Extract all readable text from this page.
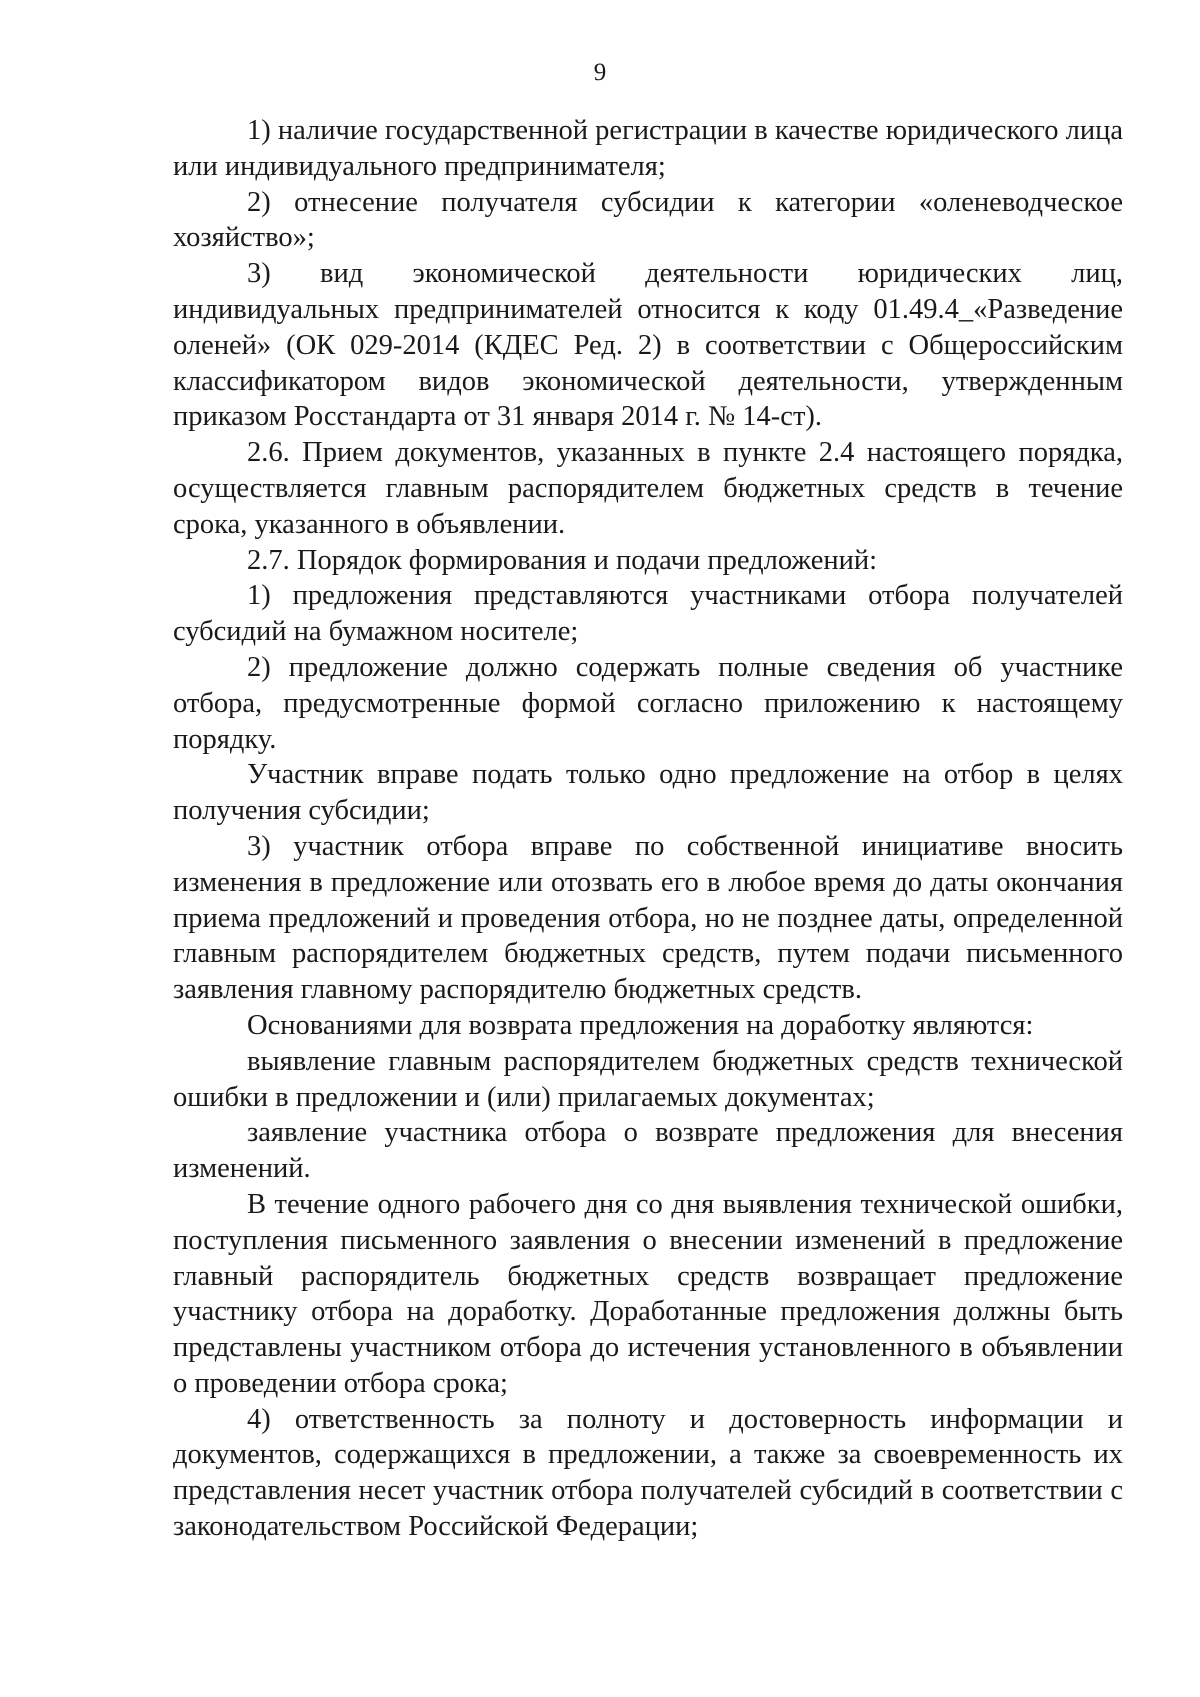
9

1) наличие государственной регистрации в качестве юридического лица или индивидуального предпринимателя;

2) отнесение получателя субсидии к категории «оленеводческое хозяйство»;

3) вид экономической деятельности юридических лиц, индивидуальных предпринимателей относится к коду 01.49.4_«Разведение оленей» (ОК 029-2014 (КДЕС Ред. 2) в соответствии с Общероссийским классификатором видов экономической деятельности, утвержденным приказом Росстандарта от 31 января 2014 г. № 14-ст).

2.6. Прием документов, указанных в пункте 2.4 настоящего порядка, осуществляется главным распорядителем бюджетных средств в течение срока, указанного в объявлении.

2.7. Порядок формирования и подачи предложений:

1) предложения представляются участниками отбора получателей субсидий на бумажном носителе;

2) предложение должно содержать полные сведения об участнике отбора, предусмотренные формой согласно приложению к настоящему порядку.

Участник вправе подать только одно предложение на отбор в целях получения субсидии;

3) участник отбора вправе по собственной инициативе вносить изменения в предложение или отозвать его в любое время до даты окончания приема предложений и проведения отбора, но не позднее даты, определенной главным распорядителем бюджетных средств, путем подачи письменного заявления главному распорядителю бюджетных средств.

Основаниями для возврата предложения на доработку являются:

выявление главным распорядителем бюджетных средств технической ошибки в предложении и (или) прилагаемых документах;

заявление участника отбора о возврате предложения для внесения изменений.

В течение одного рабочего дня со дня выявления технической ошибки, поступления письменного заявления о внесении изменений в предложение главный распорядитель бюджетных средств возвращает предложение участнику отбора на доработку. Доработанные предложения должны быть представлены участником отбора до истечения установленного в объявлении о проведении отбора срока;

4) ответственность за полноту и достоверность информации и документов, содержащихся в предложении, а также за своевременность их представления несет участник отбора получателей субсидий в соответствии с законодательством Российской Федерации;
